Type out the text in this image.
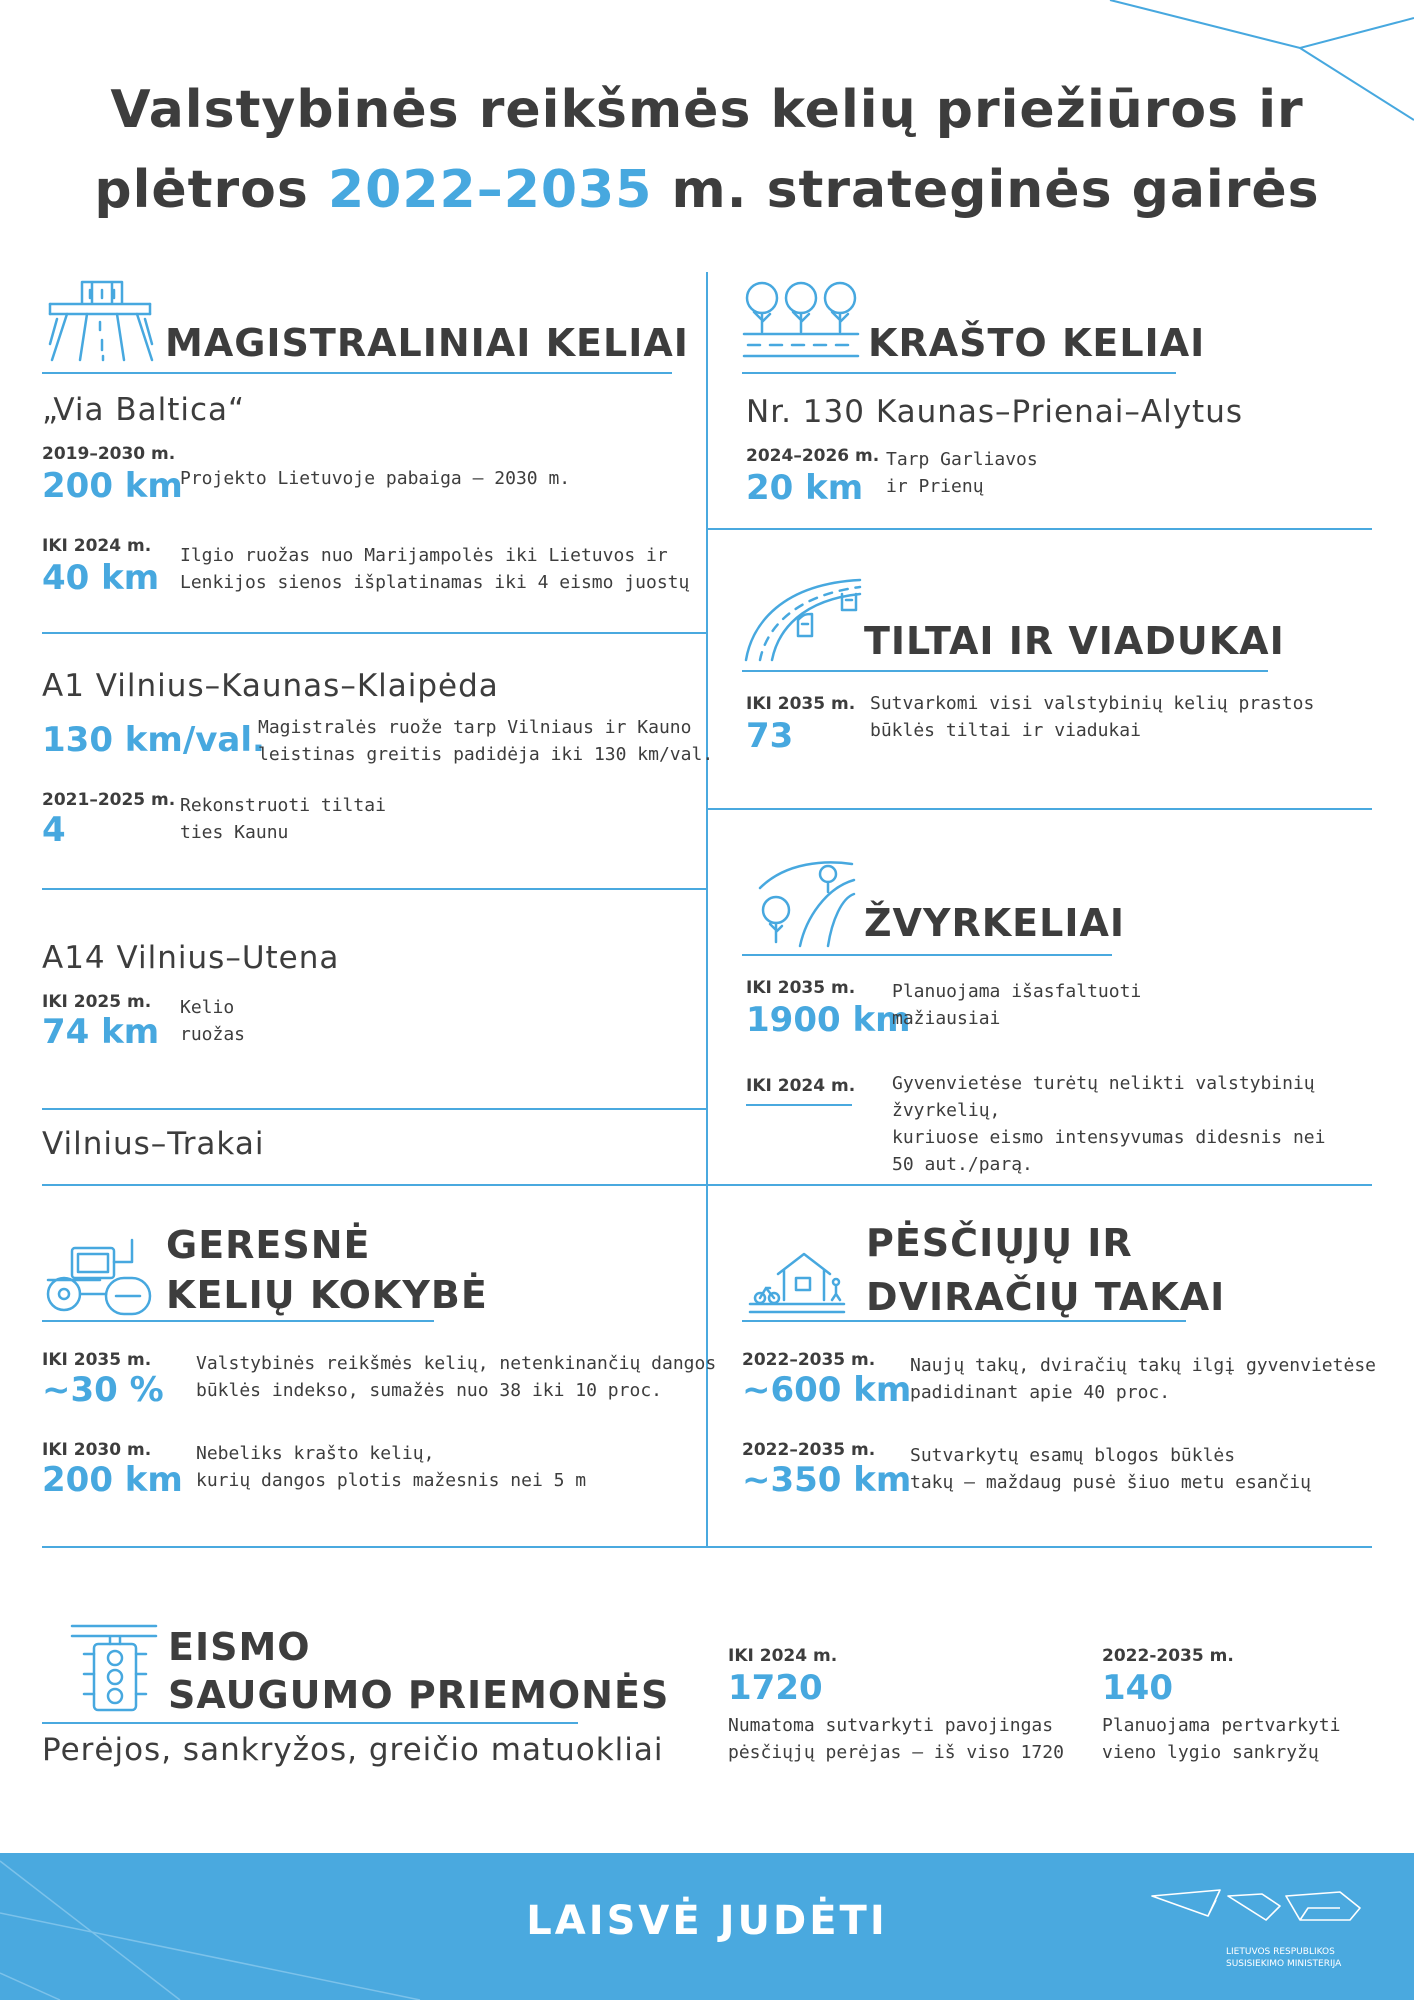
Valstybinės reikšmės kelių priežiūros ir
plėtros 2022–2035 m. strateginės gairės
MAGISTRALINIAI KELIAI
„Via Baltica“
2019–2030 m.
200 km
Projekto Lietuvoje pabaiga – 2030 m.
IKI 2024 m.
40 km
Ilgio ruožas nuo Marijampolės iki Lietuvos ir
Lenkijos sienos išplatinamas iki 4 eismo juostų
A1 Vilnius–Kaunas–Klaipėda
130 km/val.
Magistralės ruože tarp Vilniaus ir Kauno
leistinas greitis padidėja iki 130 km/val.
2021–2025 m.
4
Rekonstruoti tiltai
ties Kaunu
A14 Vilnius–Utena
IKI 2025 m.
74 km
Kelio
ruožas
Vilnius–Trakai
KRAŠTO KELIAI
Nr. 130 Kaunas–Prienai–Alytus
2024–2026 m.
20 km
Tarp Garliavos
ir Prienų
TILTAI IR VIADUKAI
IKI 2035 m.
73
Sutvarkomi visi valstybinių kelių prastos
būklės tiltai ir viadukai
ŽVYRKELIAI
IKI 2035 m.
1900 km
Planuojama išasfaltuoti
mažiausiai
IKI 2024 m. Gyvenvietėse turėtų nelikti valstybinių žvyrkelių,
kuriuose eismo intensyvumas didesnis nei
50 aut./parą.
GERESNĖ
KELIŲ KOKYBĖ
IKI 2035 m.
~30 %
Valstybinės reikšmės kelių, netenkinančių dangos
būklės indekso, sumažės nuo 38 iki 10 proc.
IKI 2030 m.
200 km
Nebeliks krašto kelių,
kurių dangos plotis mažesnis nei 5 m
PĖSČIŲJŲ IR
DVIRAČIŲ TAKAI
2022–2035 m.
~600 km
Naujų takų, dviračių takų ilgį gyvenvietėse
padidinant apie 40 proc.
2022–2035 m.
~350 km
Sutvarkytų esamų blogos būklės
takų – maždaug pusė šiuo metu esančių
EISMO
SAUGUMO PRIEMONĖS
Perėjos, sankryžos, greičio matuokliai
IKI 2024 m.
1720
Numatoma sutvarkyti pavojingas
pėsčiųjų perėjas – iš viso 1720
2022-2035 m.
140
Planuojama pertvarkyti
vieno lygio sankryžų
LAISVĖ JUDĖTI
LIETUVOS RESPUBLIKOS
SUSISIEKIMO MINISTERIJA
